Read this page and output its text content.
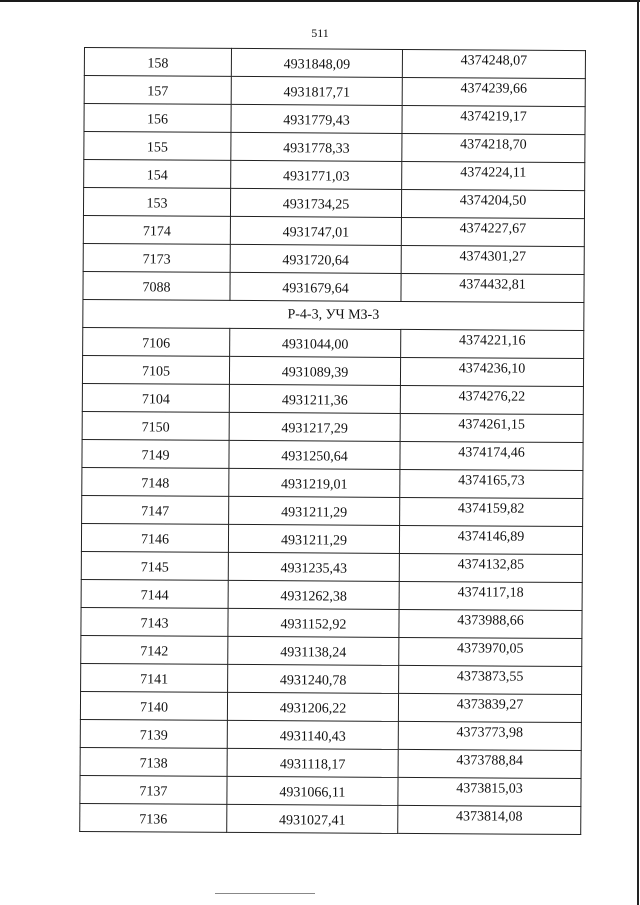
511
158	4931848,09	4374248,07
157	4931817,71	4374239,66
156	4931779,43	4374219,17
155	4931778,33	4374218,70
154	4931771,03	4374224,11
153	4931734,25	4374204,50
7174	4931747,01	4374227,67
7173	4931720,64	4374301,27
7088	4931679,64	4374432,81
Р-4-3, УЧ МЗ-3		
7106	4931044,00	4374221,16
7105	4931089,39	4374236,10
7104	4931211,36	4374276,22
7150	4931217,29	4374261,15
7149	4931250,64	4374174,46
7148	4931219,01	4374165,73
7147	4931211,29	4374159,82
7146	4931211,29	4374146,89
7145	4931235,43	4374132,85
7144	4931262,38	4374117,18
7143	4931152,92	4373988,66
7142	4931138,24	4373970,05
7141	4931240,78	4373873,55
7140	4931206,22	4373839,27
7139	4931140,43	4373773,98
7138	4931118,17	4373788,84
7137	4931066,11	4373815,03
7136	4931027,41	4373814,08
